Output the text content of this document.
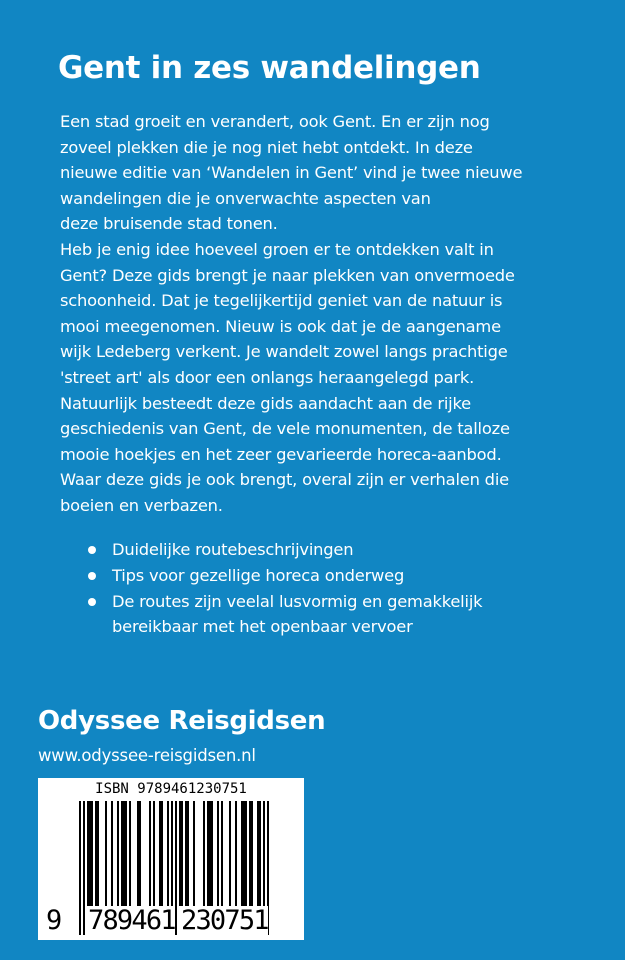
Gent in zes wandelingen
Een stad groeit en verandert, ook Gent. En er zijn nog
zoveel plekken die je nog niet hebt ontdekt. In deze
nieuwe editie van ‘Wandelen in Gent’ vind je twee nieuwe
wandelingen die je onverwachte aspecten van
deze bruisende stad tonen.
Heb je enig idee hoeveel groen er te ontdekken valt in
Gent? Deze gids brengt je naar plekken van onvermoede
schoonheid. Dat je tegelijkertijd geniet van de natuur is
mooi meegenomen. Nieuw is ook dat je de aangename
wijk Ledeberg verkent. Je wandelt zowel langs prachtige
'street art' als door een onlangs heraangelegd park.
Natuurlijk besteedt deze gids aandacht aan de rijke
geschiedenis van Gent, de vele monumenten, de talloze
mooie hoekjes en het zeer gevarieerde horeca-aanbod.
Waar deze gids je ook brengt, overal zijn er verhalen die
boeien en verbazen.
Duidelijke routebeschrijvingen
Tips voor gezellige horeca onderweg
De routes zijn veelal lusvormig en gemakkelijk
bereikbaar met het openbaar vervoer
Odyssee Reisgidsen
www.odyssee-reisgidsen.nl
ISBN 9789461230751
9 789461 230751
